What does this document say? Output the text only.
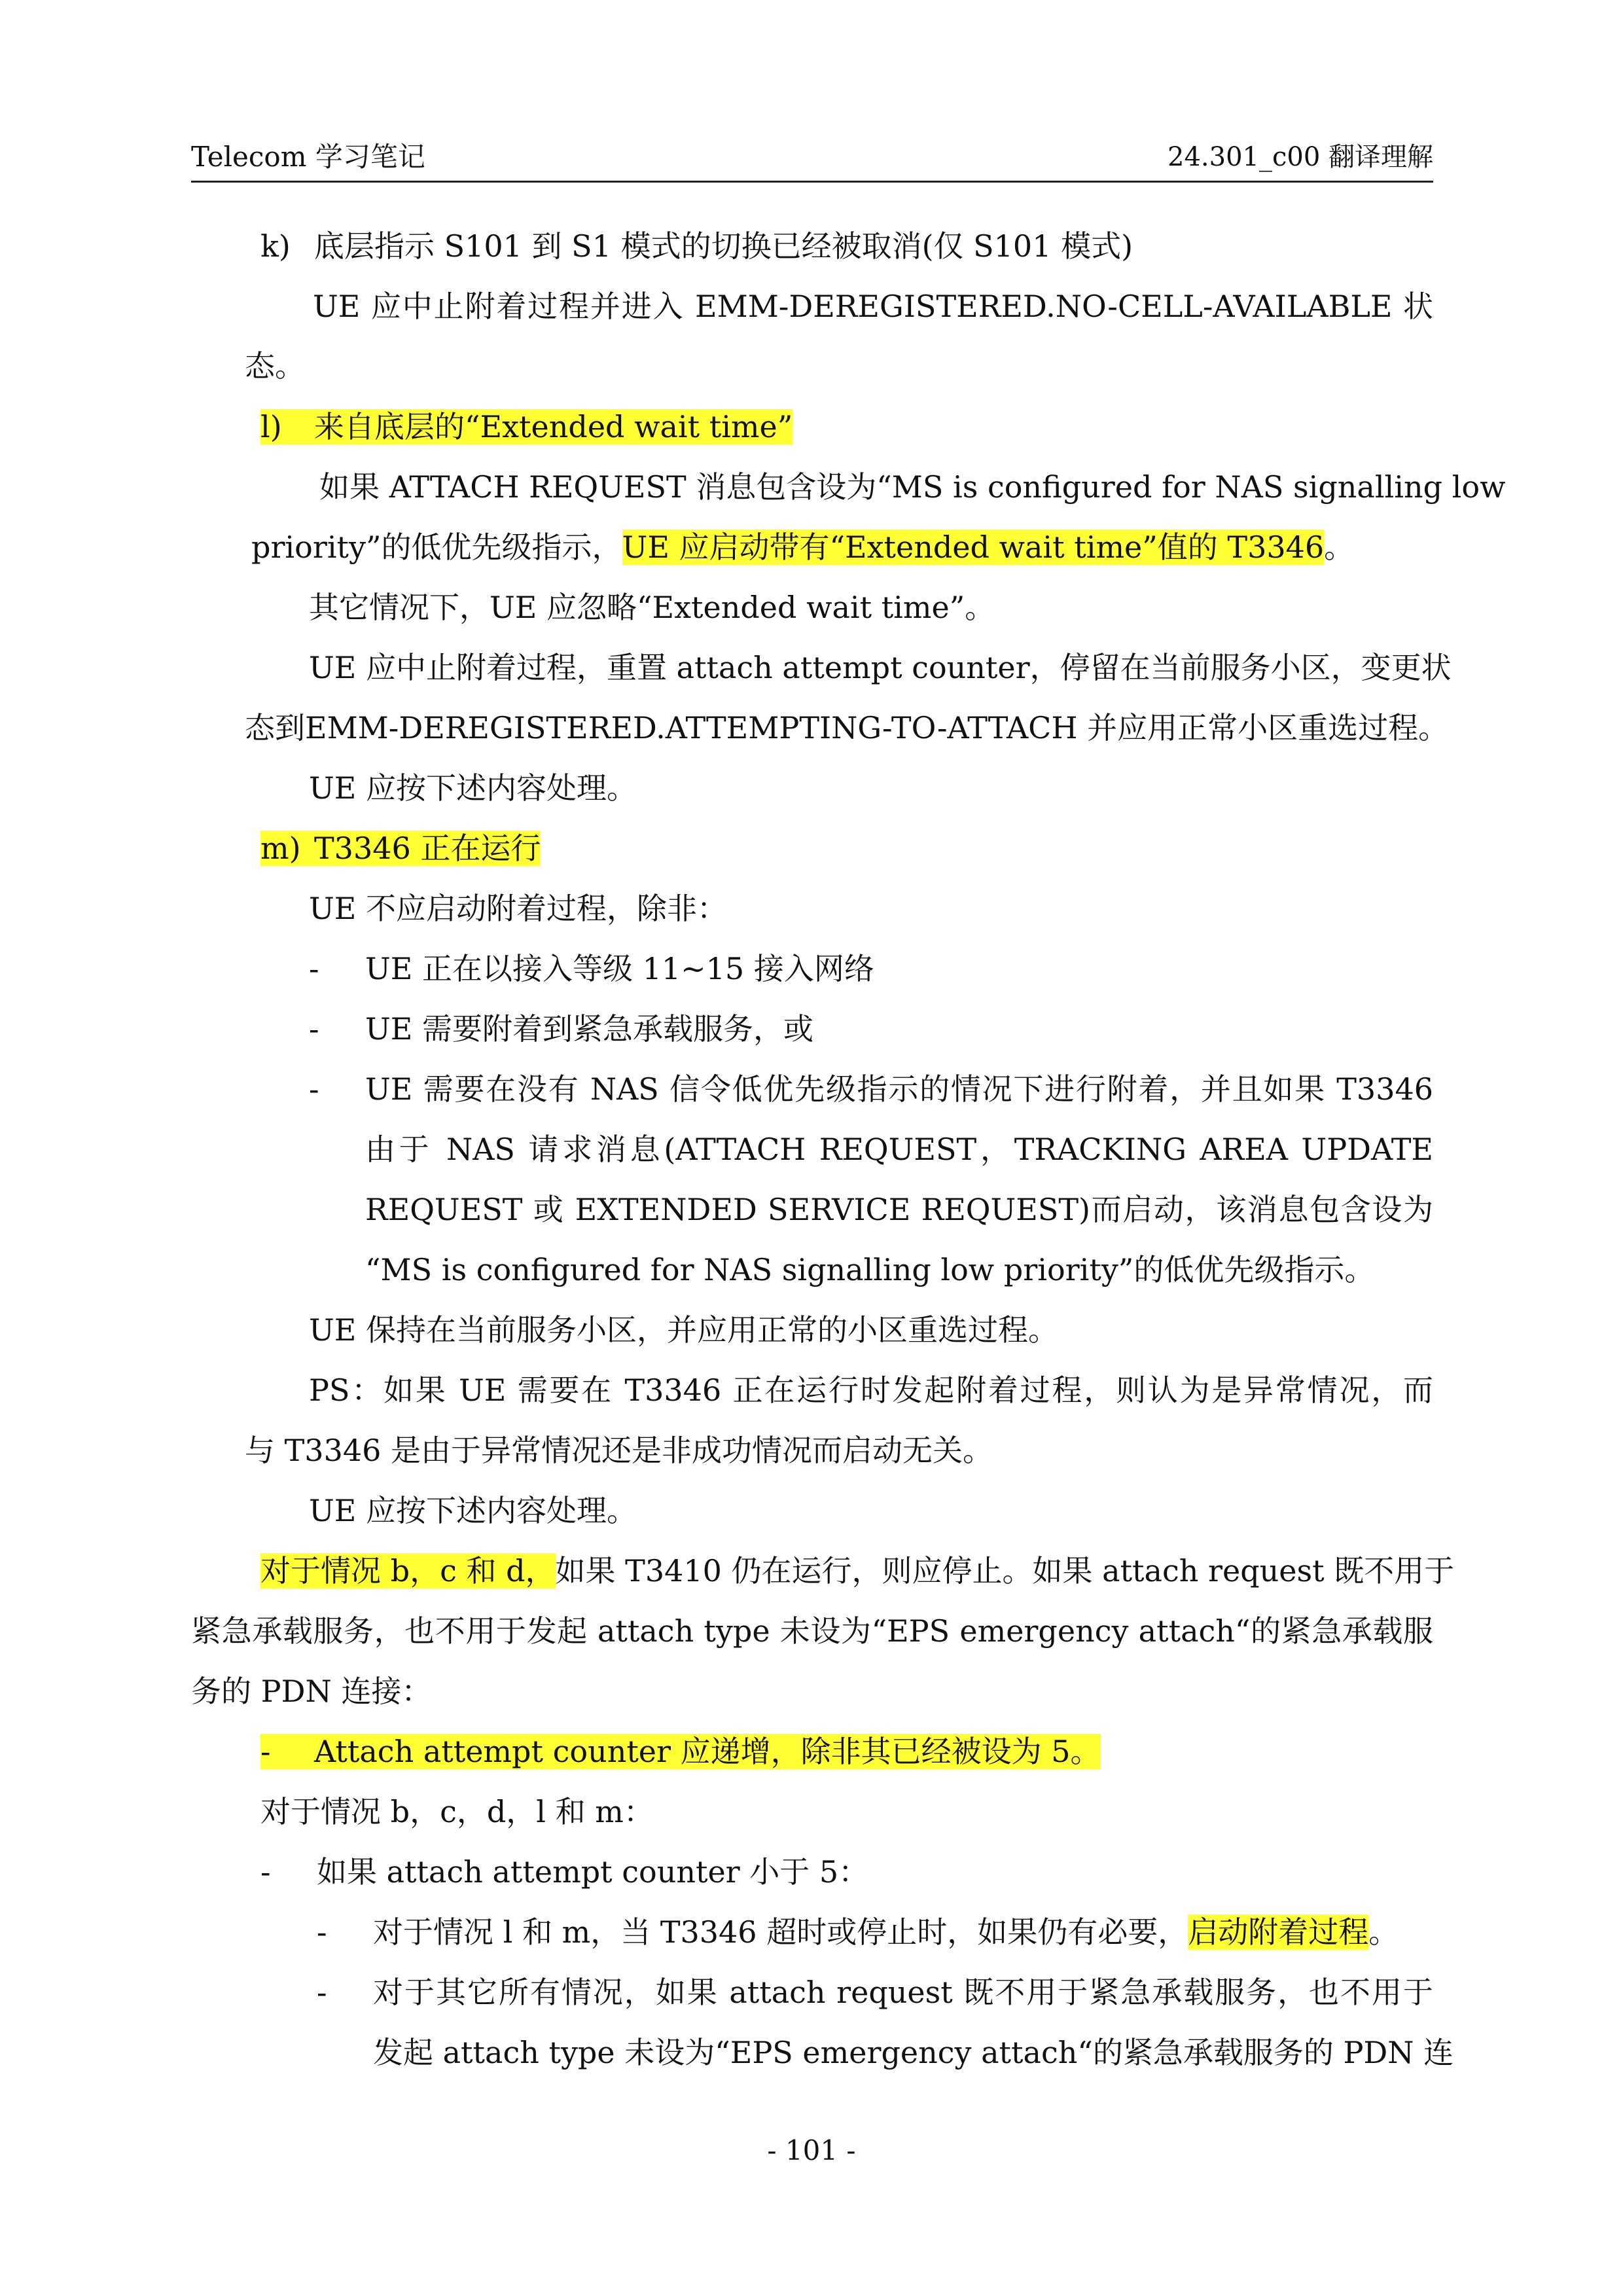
Telecom 学习笔记	24.301_c00 翻译理解
k) 底层指示 S101 到 S1 模式的切换已经被取消(仅 S101 模式)
UE 应中止附着过程并进入 EMM-DEREGISTERED.NO-CELL-AVAILABLE 状
态。
l) 来自底层的“Extended wait time”
如果 ATTACH REQUEST 消息包含设为“MS is configured for NAS signalling low
priority”的低优先级指示，UE 应启动带有“Extended wait time”值的 T3346。
其它情况下，UE 应忽略“Extended wait time”。
UE 应中止附着过程，重置 attach attempt counter，停留在当前服务小区，变更状
态到EMM-DEREGISTERED.ATTEMPTING-TO-ATTACH 并应用正常小区重选过程。
UE 应按下述内容处理。
m) T3346 正在运行
UE 不应启动附着过程，除非：
- UE 正在以接入等级 11~15 接入网络
- UE 需要附着到紧急承载服务，或
- UE 需要在没有 NAS 信令低优先级指示的情况下进行附着，并且如果 T3346
由于 NAS 请求消息(ATTACH REQUEST，TRACKING AREA UPDATE
REQUEST 或 EXTENDED SERVICE REQUEST)而启动，该消息包含设为
“MS is configured for NAS signalling low priority”的低优先级指示。
UE 保持在当前服务小区，并应用正常的小区重选过程。
PS：如果 UE 需要在 T3346 正在运行时发起附着过程，则认为是异常情况，而
与 T3346 是由于异常情况还是非成功情况而启动无关。
UE 应按下述内容处理。
对于情况 b，c 和 d，如果 T3410 仍在运行，则应停止。如果 attach request 既不用于
紧急承载服务，也不用于发起 attach type 未设为“EPS emergency attach“的紧急承载服
务的 PDN 连接：
- Attach attempt counter 应递增，除非其已经被设为 5。
对于情况 b，c，d，l 和 m：
- 如果 attach attempt counter 小于 5：
- 对于情况 l 和 m，当 T3346 超时或停止时，如果仍有必要，启动附着过程。
- 对于其它所有情况，如果 attach request 既不用于紧急承载服务，也不用于
发起 attach type 未设为“EPS emergency attach“的紧急承载服务的 PDN 连
- 101 -
